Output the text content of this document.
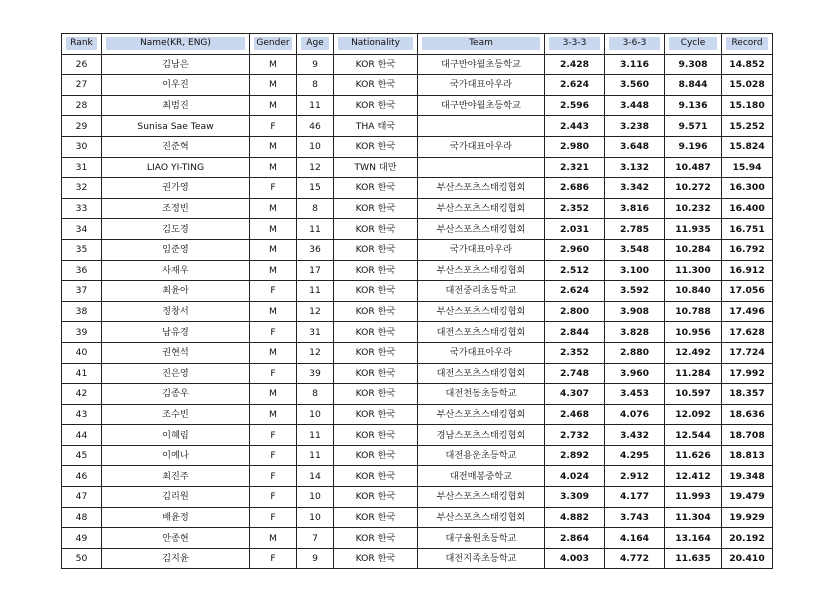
Rank	Name(KR, ENG)	Gender	Age	Nationality	Team	3-3-3	3-6-3	Cycle	Record

26	김남은	M	9	KOR 한국	대구반야월초등학교	2.428	3.116	9.308	14.852
27	이우진	M	8	KOR 한국	국가대표아우라	2.624	3.560	8.844	15.028
28	최범진	M	11	KOR 한국	대구반야월초등학교	2.596	3.448	9.136	15.180
29	Sunisa Sae Teaw	F	46	THA 태국		2.443	3.238	9.571	15.252
30	진준혁	M	10	KOR 한국	국가대표아우라	2.980	3.648	9.196	15.824
31	LIAO YI-TING	M	12	TWN 대만		2.321	3.132	10.487	15.94
32	권가영	F	15	KOR 한국	부산스포츠스태킹협회	2.686	3.342	10.272	16.300
33	조정빈	M	8	KOR 한국	부산스포츠스태킹협회	2.352	3.816	10.232	16.400
34	김도경	M	11	KOR 한국	부산스포츠스태킹협회	2.031	2.785	11.935	16.751
35	임준영	M	36	KOR 한국	국가대표아우라	2.960	3.548	10.284	16.792
36	사재우	M	17	KOR 한국	부산스포츠스태킹협회	2.512	3.100	11.300	16.912
37	최윤아	F	11	KOR 한국	대전중리초등학교	2.624	3.592	10.840	17.056
38	정창서	M	12	KOR 한국	부산스포츠스태킹협회	2.800	3.908	10.788	17.496
39	남유경	F	31	KOR 한국	대전스포츠스태킹협회	2.844	3.828	10.956	17.628
40	권현석	M	12	KOR 한국	국가대표아우라	2.352	2.880	12.492	17.724
41	진은영	F	39	KOR 한국	대전스포츠스태킹협회	2.748	3.960	11.284	17.992
42	김종우	M	8	KOR 한국	대전천동초등학교	4.307	3.453	10.597	18.357
43	조수빈	M	10	KOR 한국	부산스포츠스태킹협회	2.468	4.076	12.092	18.636
44	이혜림	F	11	KOR 한국	경남스포츠스태킹협회	2.732	3.432	12.544	18.708
45	이예나	F	11	KOR 한국	대전용운초등학교	2.892	4.295	11.626	18.813
46	최진주	F	14	KOR 한국	대전매봉중학교	4.024	2.912	12.412	19.348
47	김리원	F	10	KOR 한국	부산스포츠스태킹협회	3.309	4.177	11.993	19.479
48	배윤정	F	10	KOR 한국	부산스포츠스태킹협회	4.882	3.743	11.304	19.929
49	안종현	M	7	KOR 한국	대구율원초등학교	2.864	4.164	13.164	20.192
50	김지윤	F	9	KOR 한국	대전지족초등학교	4.003	4.772	11.635	20.410
